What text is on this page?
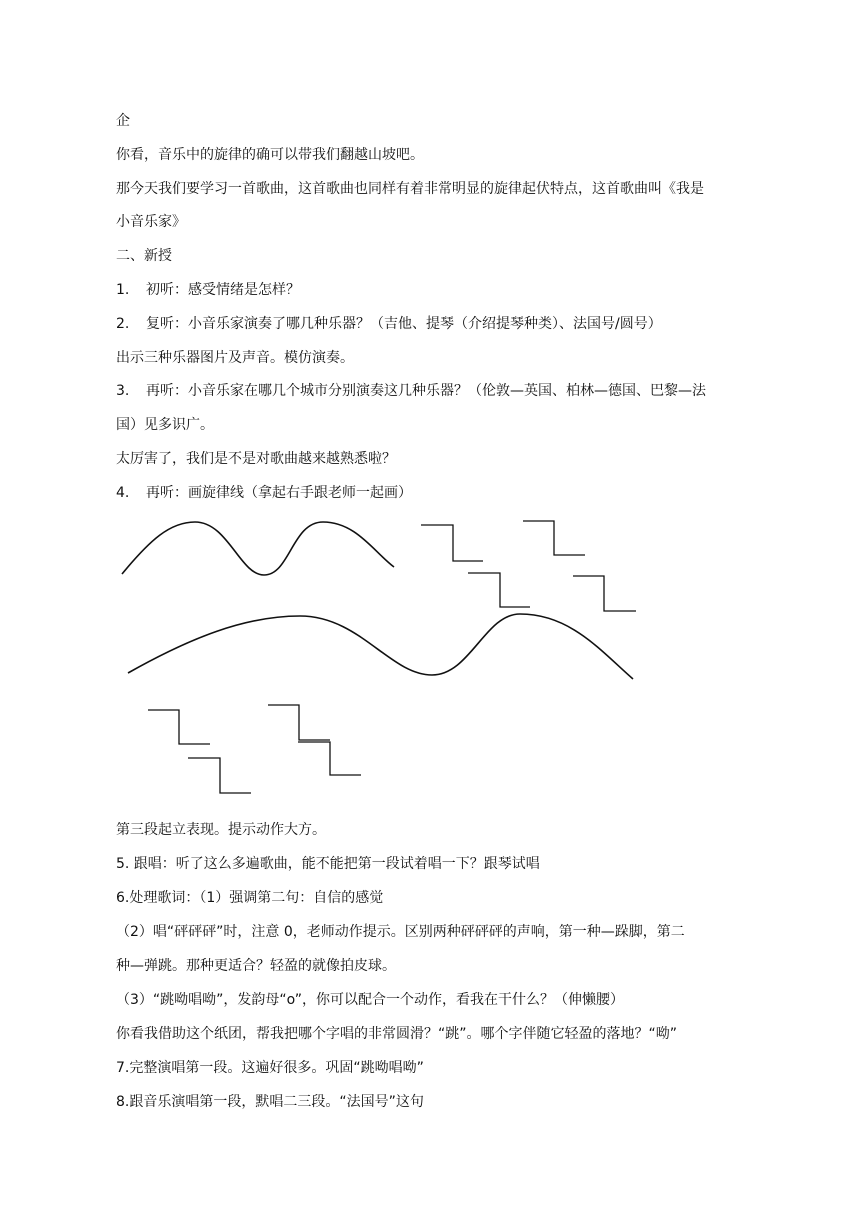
企
你看，音乐中的旋律的确可以带我们翻越山坡吧。
那今天我们要学习一首歌曲，这首歌曲也同样有着非常明显的旋律起伏特点，这首歌曲叫《我是
小音乐家》
二、新授
1. 初听：感受情绪是怎样？
2. 复听：小音乐家演奏了哪几种乐器？（吉他、提琴（介绍提琴种类）、法国号/圆号）
出示三种乐器图片及声音。模仿演奏。
3. 再听：小音乐家在哪几个城市分别演奏这几种乐器？（伦敦—英国、柏林—德国、巴黎—法
国）见多识广。
太厉害了，我们是不是对歌曲越来越熟悉啦？
4. 再听：画旋律线（拿起右手跟老师一起画）
第三段起立表现。提示动作大方。
5. 跟唱：听了这么多遍歌曲，能不能把第一段试着唱一下？跟琴试唱
6.处理歌词：（1）强调第二句：自信的感觉
（2）唱“砰砰砰”时，注意 0，老师动作提示。区别两种砰砰砰的声响，第一种—跺脚，第二
种—弹跳。那种更适合？轻盈的就像拍皮球。
（3）“跳呦唱呦”，发韵母“o”，你可以配合一个动作，看我在干什么？（伸懒腰）
你看我借助这个纸团，帮我把哪个字唱的非常圆滑？“跳”。哪个字伴随它轻盈的落地？“呦”
7.完整演唱第一段。这遍好很多。巩固“跳呦唱呦”
8.跟音乐演唱第一段，默唱二三段。“法国号”这句
